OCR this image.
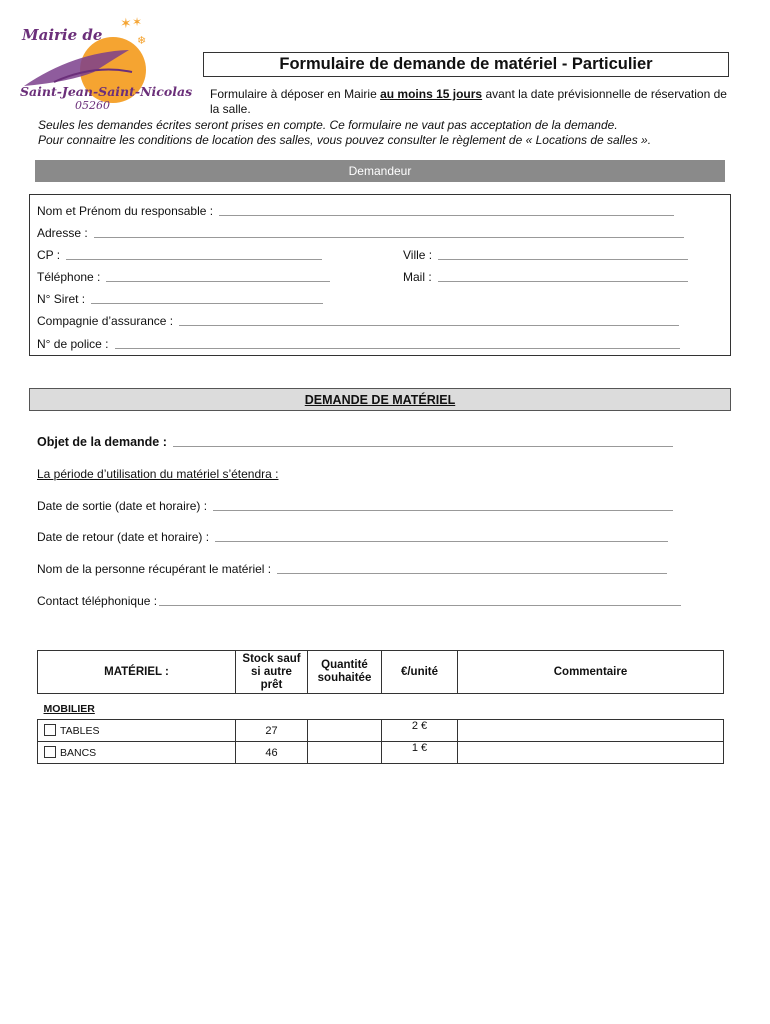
✶ ✶
❄
Mairie de
Saint-Jean-Saint-Nicolas
05260
Formulaire de demande de matériel - Particulier
Formulaire à déposer en Mairie au moins 15 jours avant la date prévisionnelle de réservation de la salle.
Seules les demandes écrites seront prises en compte. Ce formulaire ne vaut pas acceptation de la demande.
Pour connaitre les conditions de location des salles, vous pouvez consulter le règlement de « Locations de salles ».
Demandeur
Nom et Prénom du responsable :
Adresse :
CP :	Ville :
Téléphone :	Mail :
N° Siret :
Compagnie d’assurance :
N° de police :
DEMANDE DE MATÉRIEL
Objet de la demande :
La période d’utilisation du matériel s’étendra :
Date de sortie (date et horaire) :
Date de retour (date et horaire) :
Nom de la personne récupérant le matériel :
Contact téléphonique :
MATÉRIEL :	Stock sauf si autre prêt	Quantité souhaitée	€/unité	Commentaire
MOBILIER				
TABLES	27		2 €	
BANCS	46		1 €	
